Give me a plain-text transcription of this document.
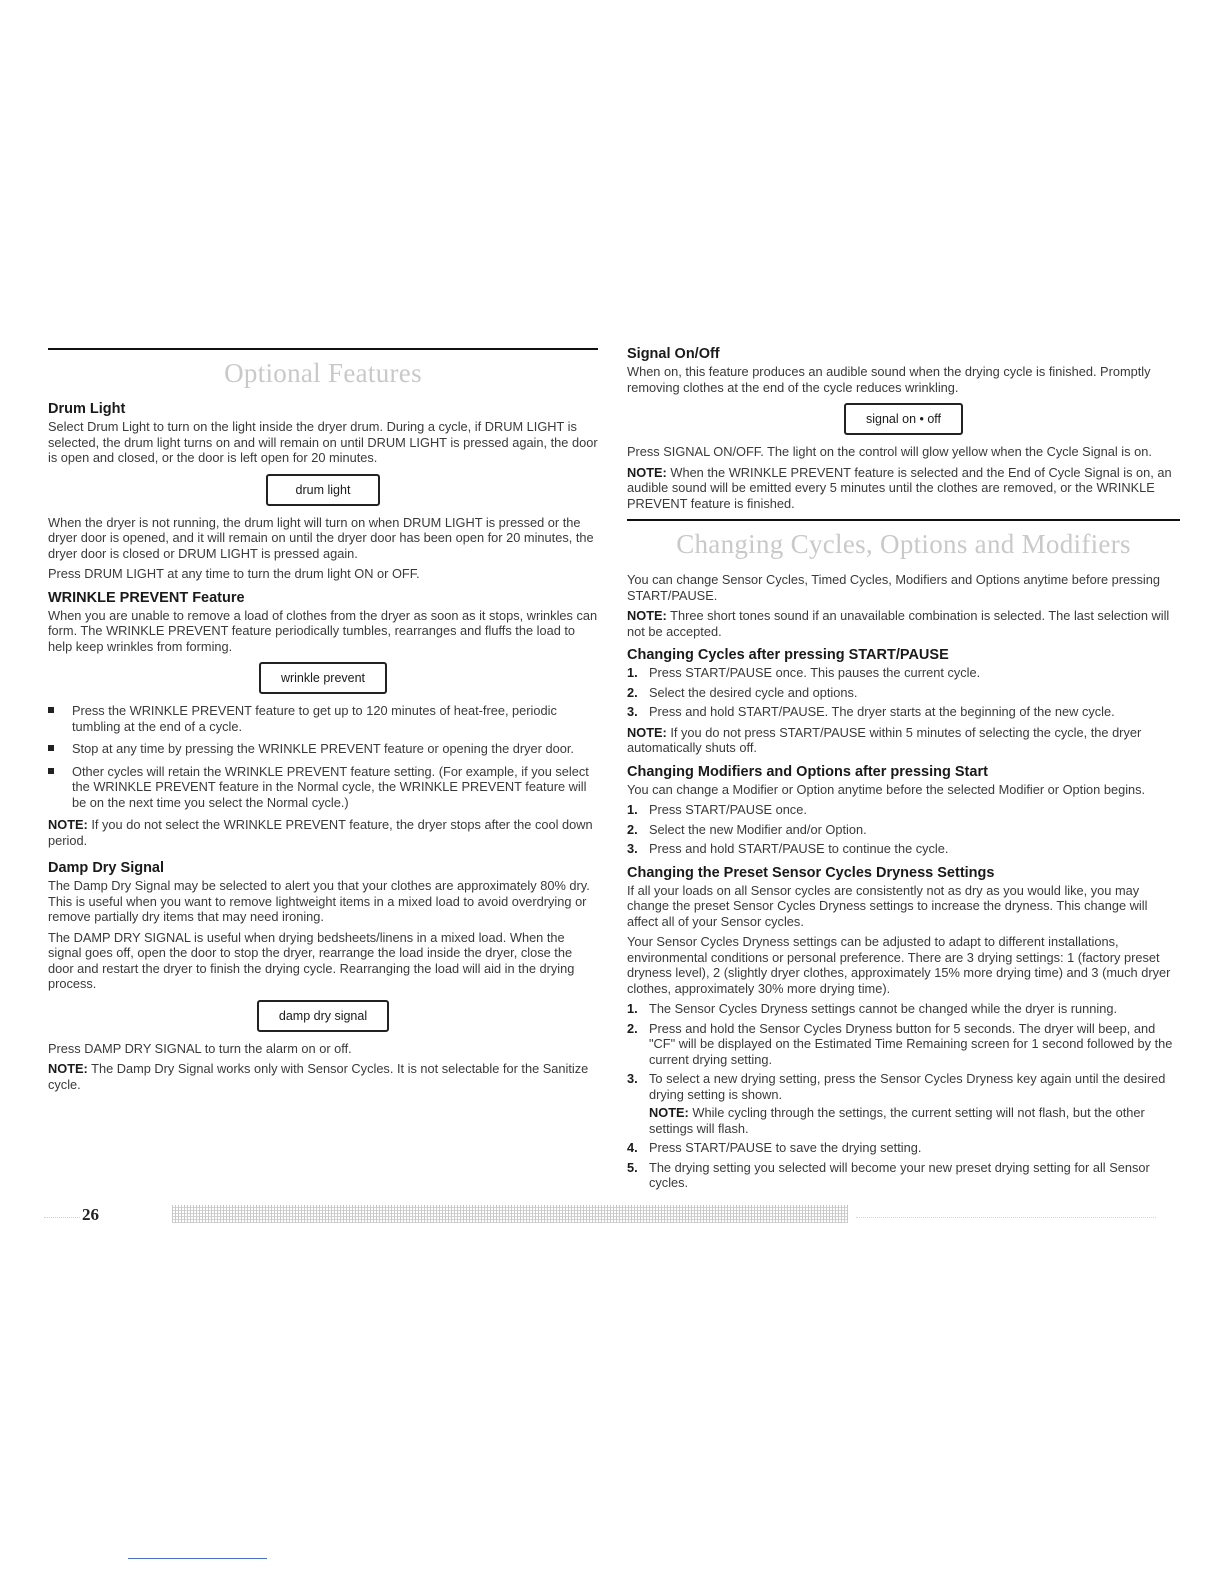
Optional Features
Drum Light

Select Drum Light to turn on the light inside the dryer drum. During a cycle, if DRUM LIGHT is selected, the drum light turns on and will remain on until DRUM LIGHT is pressed again, the door is open and closed, or the door is left open for 20 minutes.

drum light

When the dryer is not running, the drum light will turn on when DRUM LIGHT is pressed or the dryer door is opened, and it will remain on until the dryer door has been open for 20 minutes, the dryer door is closed or DRUM LIGHT is pressed again.

Press DRUM LIGHT at any time to turn the drum light ON or OFF.

WRINKLE PREVENT Feature

When you are unable to remove a load of clothes from the dryer as soon as it stops, wrinkles can form. The WRINKLE PREVENT feature periodically tumbles, rearranges and fluffs the load to help keep wrinkles from forming.

wrinkle prevent
Press the WRINKLE PREVENT feature to get up to 120 minutes of heat-free, periodic tumbling at the end of a cycle.
Stop at any time by pressing the WRINKLE PREVENT feature or opening the dryer door.
Other cycles will retain the WRINKLE PREVENT feature setting. (For example, if you select the WRINKLE PREVENT feature in the Normal cycle, the WRINKLE PREVENT feature will be on the next time you select the Normal cycle.)

NOTE: If you do not select the WRINKLE PREVENT feature, the dryer stops after the cool down period.

Damp Dry Signal

The Damp Dry Signal may be selected to alert you that your clothes are approximately 80% dry. This is useful when you want to remove lightweight items in a mixed load to avoid overdrying or remove partially dry items that may need ironing.

The DAMP DRY SIGNAL is useful when drying bedsheets/linens in a mixed load. When the signal goes off, open the door to stop the dryer, rearrange the load inside the dryer, close the door and restart the dryer to finish the drying cycle. Rearranging the load will aid in the drying process.

damp dry signal

Press DAMP DRY SIGNAL to turn the alarm on or off.

NOTE: The Damp Dry Signal works only with Sensor Cycles. It is not selectable for the Sanitize cycle.

Signal On/Off

When on, this feature produces an audible sound when the drying cycle is finished. Promptly removing clothes at the end of the cycle reduces wrinkling.

signal on • off

Press SIGNAL ON/OFF. The light on the control will glow yellow when the Cycle Signal is on.

NOTE: When the WRINKLE PREVENT feature is selected and the End of Cycle Signal is on, an audible sound will be emitted every 5 minutes until the clothes are removed, or the WRINKLE PREVENT feature is finished.

Changing Cycles, Options and Modifiers

You can change Sensor Cycles, Timed Cycles, Modifiers and Options anytime before pressing START/PAUSE.

NOTE: Three short tones sound if an unavailable combination is selected. The last selection will not be accepted.

Changing Cycles after pressing START/PAUSE
1. Press START/PAUSE once. This pauses the current cycle.
2. Select the desired cycle and options.
3. Press and hold START/PAUSE. The dryer starts at the beginning of the new cycle.

NOTE: If you do not press START/PAUSE within 5 minutes of selecting the cycle, the dryer automatically shuts off.

Changing Modifiers and Options after pressing Start

You can change a Modifier or Option anytime before the selected Modifier or Option begins.

1. Press START/PAUSE once.
2. Select the new Modifier and/or Option.
3. Press and hold START/PAUSE to continue the cycle.
Changing the Preset Sensor Cycles Dryness Settings

If all your loads on all Sensor cycles are consistently not as dry as you would like, you may change the preset Sensor Cycles Dryness settings to increase the dryness. This change will affect all of your Sensor cycles.

Your Sensor Cycles Dryness settings can be adjusted to adapt to different installations, environmental conditions or personal preference. There are 3 drying settings: 1 (factory preset dryness level), 2 (slightly dryer clothes, approximately 15% more drying time) and 3 (much dryer clothes, approximately 30% more drying time).

1. The Sensor Cycles Dryness settings cannot be changed while the dryer is running.
2. Press and hold the Sensor Cycles Dryness button for 5 seconds. The dryer will beep, and "CF" will be displayed on the Estimated Time Remaining screen for 1 second followed by the current drying setting.
3. To select a new drying setting, press the Sensor Cycles Dryness key again until the desired drying setting is shown.
NOTE: While cycling through the settings, the current setting will not flash, but the other settings will flash.
4. Press START/PAUSE to save the drying setting.
5. The drying setting you selected will become your new preset drying setting for all Sensor cycles.
26
